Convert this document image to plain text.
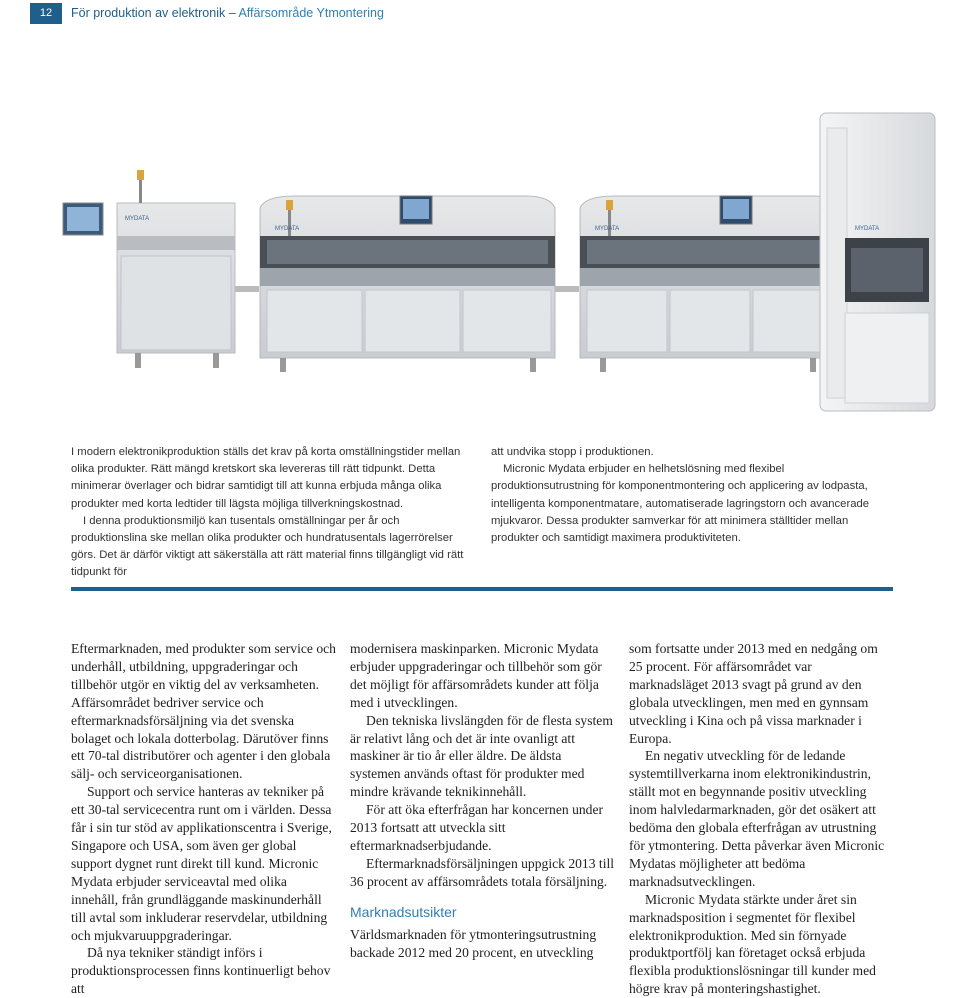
12	För produktion av elektronik – Affärsområde Ytmontering
MYDATA
MYDATA	MYDATA	MYDATA

I modern elektronikproduktion ställs det krav på korta omställningstider mellan olika produkter. Rätt mängd kretskort ska levereras till rätt tidpunkt. Detta minimerar överlager och bidrar samtidigt till att kunna erbjuda många olika produkter med korta ledtider till lägsta möjliga tillverkningskostnad.

I denna produktionsmiljö kan tusentals omställningar per år och produktionslina ske mellan olika produkter och hundratusentals lagerrörelser görs. Det är därför viktigt att säkerställa att rätt material finns tillgängligt vid rätt tidpunkt för

att undvika stopp i produktionen.

Micronic Mydata erbjuder en helhetslösning med flexibel produktionsutrustning för komponentmontering och applicering av lodpasta, intelligenta komponentmatare, automatiserade lagringstorn och avancerade mjukvaror. Dessa produkter samverkar för att minimera ställtider mellan produkter och samtidigt maximera produktiviteten.

Eftermarknaden, med produkter som service och underhåll, utbildning, uppgraderingar och tillbehör utgör en viktig del av verksamheten. Affärsområdet bedriver service och eftermarknadsförsäljning via det svenska bolaget och lokala dotterbolag. Därutöver finns ett 70-tal distributörer och agenter i den globala sälj- och serviceorganisationen.

Support och service hanteras av tekniker på ett 30-tal servicecentra runt om i världen. Dessa får i sin tur stöd av applikationscentra i Sverige, Singapore och USA, som även ger global support dygnet runt direkt till kund. Micronic Mydata erbjuder serviceavtal med olika innehåll, från grundläggande maskinunderhåll till avtal som inkluderar reservdelar, utbildning och mjukvaruuppgraderingar.

Då nya tekniker ständigt införs i produktionsprocessen finns kontinuerligt behov att

modernisera maskinparken. Micronic Mydata erbjuder uppgraderingar och tillbehör som gör det möjligt för affärsområdets kunder att följa med i utvecklingen.

Den tekniska livslängden för de flesta system är relativt lång och det är inte ovanligt att maskiner är tio år eller äldre. De äldsta systemen används oftast för produkter med mindre krävande teknikinnehåll.

För att öka efterfrågan har koncernen under 2013 fortsatt att utveckla sitt eftermarknadserbjudande.

Eftermarknadsförsäljningen uppgick 2013 till 36 procent av affärsområdets totala försäljning.

Marknadsutsikter

Världsmarknaden för ytmonteringsutrustning backade 2012 med 20 procent, en utveckling

som fortsatte under 2013 med en nedgång om 25 procent. För affärsområdet var marknadsläget 2013 svagt på grund av den globala utvecklingen, men med en gynnsam utveckling i Kina och på vissa marknader i Europa.

En negativ utveckling för de ledande systemtillverkarna inom elektronikindustrin, ställt mot en begynnande positiv utveckling inom halvledarmarknaden, gör det osäkert att bedöma den globala efterfrågan av utrustning för ytmontering. Detta påverkar även Micronic Mydatas möjligheter att bedöma marknadsutvecklingen.

Micronic Mydata stärkte under året sin marknadsposition i segmentet för flexibel elektronikproduktion. Med sin förnyade produktportfölj kan företaget också erbjuda flexibla produktionslösningar till kunder med högre krav på monteringshastighet.
